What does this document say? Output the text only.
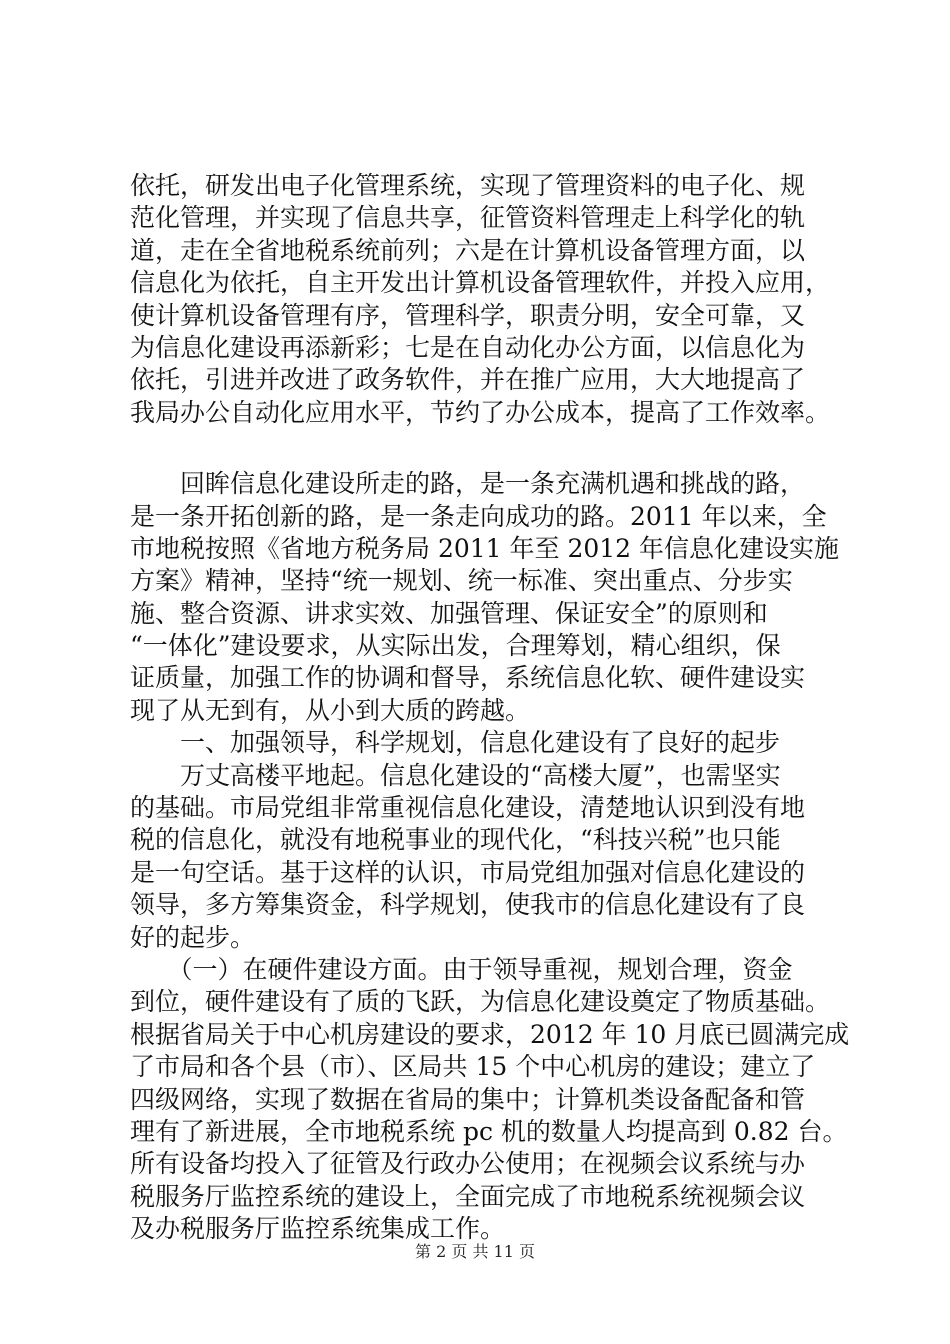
依托，研发出电子化管理系统，实现了管理资料的电子化、规
范化管理，并实现了信息共享，征管资料管理走上科学化的轨
道，走在全省地税系统前列；六是在计算机设备管理方面，以
信息化为依托，自主开发出计算机设备管理软件，并投入应用，
使计算机设备管理有序，管理科学，职责分明，安全可靠，又
为信息化建设再添新彩；七是在自动化办公方面，以信息化为
依托，引进并改进了政务软件，并在推广应用，大大地提高了
我局办公自动化应用水平，节约了办公成本，提高了工作效率。
　　回眸信息化建设所走的路，是一条充满机遇和挑战的路，
是一条开拓创新的路，是一条走向成功的路。2011 年以来，全
市地税按照《省地方税务局 2011 年至 2012 年信息化建设实施
方案》精神，坚持“统一规划、统一标准、突出重点、分步实
施、整合资源、讲求实效、加强管理、保证安全”的原则和
“一体化”建设要求，从实际出发，合理筹划，精心组织，保
证质量，加强工作的协调和督导，系统信息化软、硬件建设实
现了从无到有，从小到大质的跨越。
　　一、加强领导，科学规划，信息化建设有了良好的起步
　　万丈高楼平地起。信息化建设的“高楼大厦”，也需坚实
的基础。市局党组非常重视信息化建设，清楚地认识到没有地
税的信息化，就没有地税事业的现代化，“科技兴税”也只能
是一句空话。基于这样的认识，市局党组加强对信息化建设的
领导，多方筹集资金，科学规划，使我市的信息化建设有了良
好的起步。
　　（一）在硬件建设方面。由于领导重视，规划合理，资金
到位，硬件建设有了质的飞跃，为信息化建设奠定了物质基础。
根据省局关于中心机房建设的要求，2012 年 10 月底已圆满完成
了市局和各个县（市）、区局共 15 个中心机房的建设；建立了
四级网络，实现了数据在省局的集中；计算机类设备配备和管
理有了新进展，全市地税系统 pc 机的数量人均提高到 0.82 台。
所有设备均投入了征管及行政办公使用；在视频会议系统与办
税服务厅监控系统的建设上，全面完成了市地税系统视频会议
及办税服务厅监控系统集成工作。
第 2 页 共 11 页
